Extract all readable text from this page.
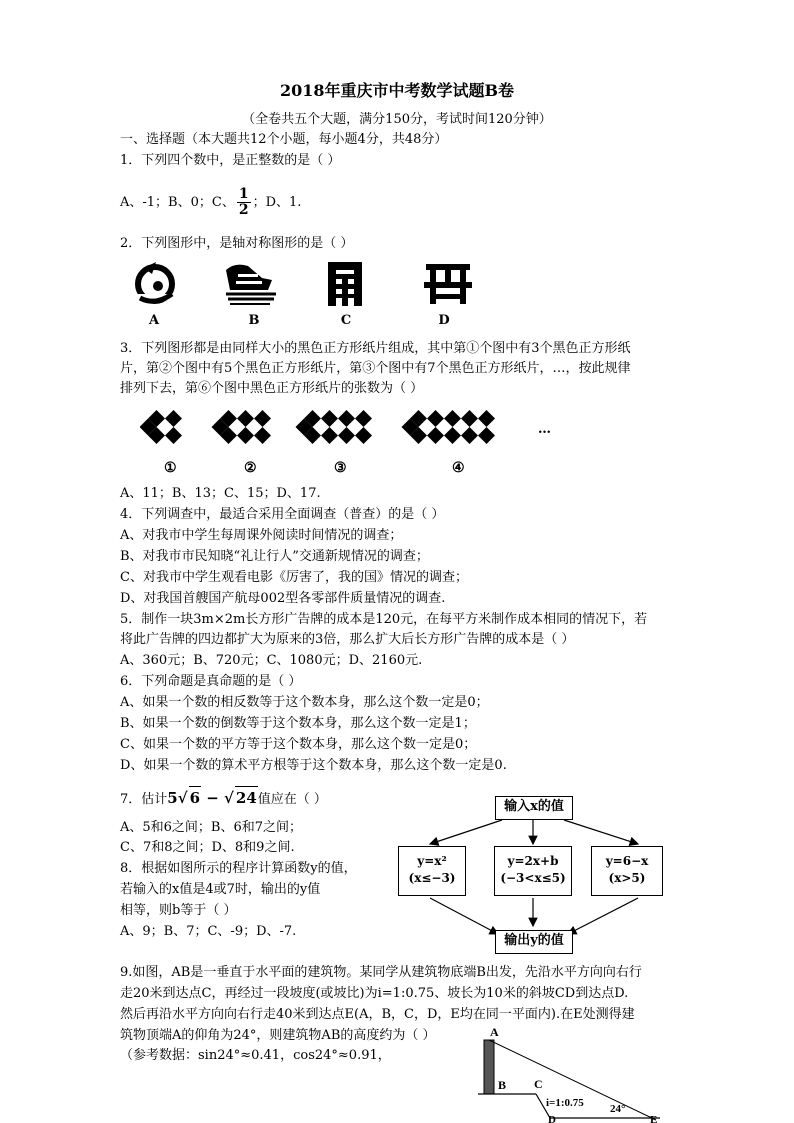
2018年重庆市中考数学试题B卷
（全卷共五个大题，满分150分，考试时间120分钟）
一、选择题（本大题共12个小题，每小题4分，共48分）
1．下列四个数中，是正整数的是（ ）
A、-1；B、0；C、 $\frac{1}{2}$ ；D、1.
2．下列图形中，是轴对称图形的是（ ）
A	B	C	D
3．下列图形都是由同样大小的黑色正方形纸片组成，其中第①个图中有3个黑色正方形纸
片，第②个图中有5个黑色正方形纸片，第③个图中有7个黑色正方形纸片，…，按此规律
排列下去，第⑥个图中黑色正方形纸片的张数为（ ）
…
①	②	③	④
A、11；B、13；C、15；D、17.
4．下列调查中，最适合采用全面调查（普查）的是（ ）
A、对我市中学生每周课外阅读时间情况的调查；
B、对我市市民知晓“礼让行人”交通新规情况的调查；
C、对我市中学生观看电影《厉害了，我的国》情况的调查；
D、对我国首艘国产航母002型各零部件质量情况的调查.
5．制作一块3m×2m长方形广告牌的成本是120元，在每平方米制作成本相同的情况下，若
将此广告牌的四边都扩大为原来的3倍，那么扩大后长方形广告牌的成本是（ ）
A、360元；B、720元；C、1080元；D、2160元.
6．下列命题是真命题的是（ ）
A、如果一个数的相反数等于这个数本身，那么这个数一定是0；
B、如果一个数的倒数等于这个数本身，那么这个数一定是1；
C、如果一个数的平方等于这个数本身，那么这个数一定是0；
D、如果一个数的算术平方根等于这个数本身，那么这个数一定是0.
7．估计5√ 6 − √ 24值应在（ ）
A、5和6之间；B、6和7之间；
C、7和8之间；D、8和9之间.
8．根据如图所示的程序计算函数y的值，
若输入的x值是4或7时，输出的y值
相等，则b等于（ ）
A、9；B、7；C、-9；D、-7.
输入x的值
y=x²
(x≤−3)
y=2x+b
(−3<x≤5)
y=6−x
(x>5)
输出y的值
9.如图，AB是一垂直于水平面的建筑物。某同学从建筑物底端B出发，先沿水平方向向右行
走20米到达点C，再经过一段坡度(或坡比)为i=1:0.75、坡长为10米的斜坡CD到达点D.
然后再沿水平方向向右行走40米到达点E(A，B，C，D，E均在同一平面内).在E处测得建
筑物顶端A的仰角为24°，则建筑物AB的高度约为（ ）
（参考数据：sin24°≈0.41，cos24°≈0.91，
A
B C
i=1:0.75 24°
E
D
